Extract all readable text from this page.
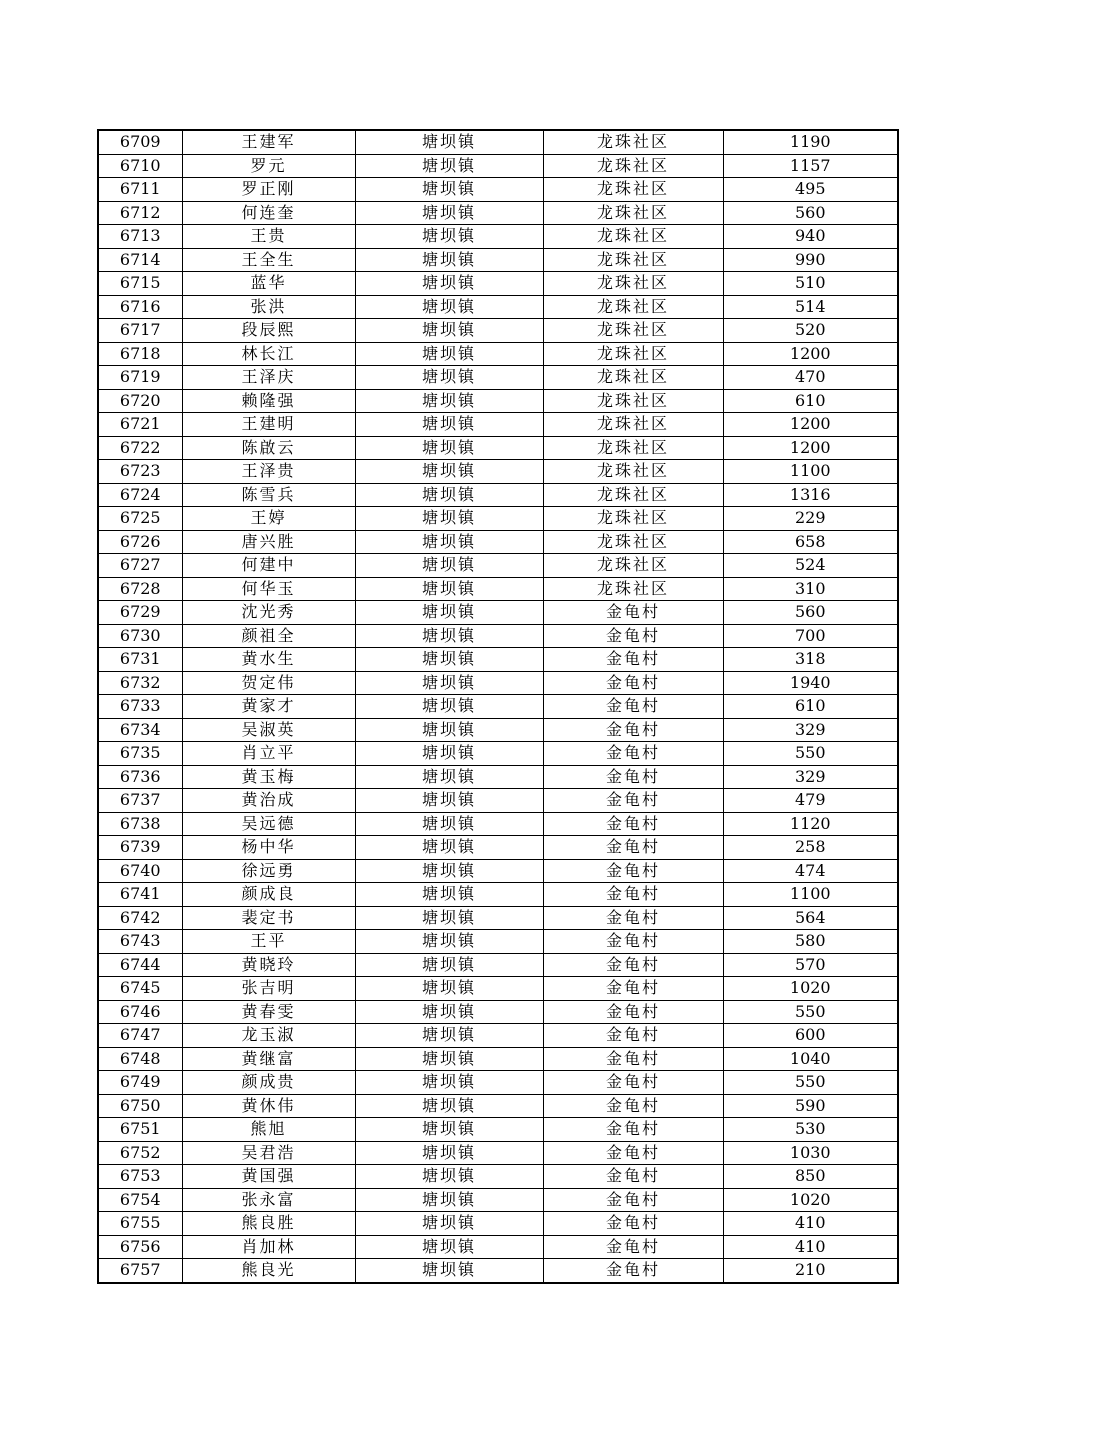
6709	王建军	塘坝镇	龙珠社区	1190
6710	罗元	塘坝镇	龙珠社区	1157
6711	罗正刚	塘坝镇	龙珠社区	495
6712	何连奎	塘坝镇	龙珠社区	560
6713	王贵	塘坝镇	龙珠社区	940
6714	王全生	塘坝镇	龙珠社区	990
6715	蓝华	塘坝镇	龙珠社区	510
6716	张洪	塘坝镇	龙珠社区	514
6717	段辰熙	塘坝镇	龙珠社区	520
6718	林长江	塘坝镇	龙珠社区	1200
6719	王泽庆	塘坝镇	龙珠社区	470
6720	赖隆强	塘坝镇	龙珠社区	610
6721	王建明	塘坝镇	龙珠社区	1200
6722	陈啟云	塘坝镇	龙珠社区	1200
6723	王泽贵	塘坝镇	龙珠社区	1100
6724	陈雪兵	塘坝镇	龙珠社区	1316
6725	王婷	塘坝镇	龙珠社区	229
6726	唐兴胜	塘坝镇	龙珠社区	658
6727	何建中	塘坝镇	龙珠社区	524
6728	何华玉	塘坝镇	龙珠社区	310
6729	沈光秀	塘坝镇	金龟村	560
6730	颜祖全	塘坝镇	金龟村	700
6731	黄水生	塘坝镇	金龟村	318
6732	贺定伟	塘坝镇	金龟村	1940
6733	黄家才	塘坝镇	金龟村	610
6734	吴淑英	塘坝镇	金龟村	329
6735	肖立平	塘坝镇	金龟村	550
6736	黄玉梅	塘坝镇	金龟村	329
6737	黄治成	塘坝镇	金龟村	479
6738	吴远德	塘坝镇	金龟村	1120
6739	杨中华	塘坝镇	金龟村	258
6740	徐远勇	塘坝镇	金龟村	474
6741	颜成良	塘坝镇	金龟村	1100
6742	裴定书	塘坝镇	金龟村	564
6743	王平	塘坝镇	金龟村	580
6744	黄晓玲	塘坝镇	金龟村	570
6745	张吉明	塘坝镇	金龟村	1020
6746	黄春雯	塘坝镇	金龟村	550
6747	龙玉淑	塘坝镇	金龟村	600
6748	黄继富	塘坝镇	金龟村	1040
6749	颜成贵	塘坝镇	金龟村	550
6750	黄休伟	塘坝镇	金龟村	590
6751	熊旭	塘坝镇	金龟村	530
6752	吴君浩	塘坝镇	金龟村	1030
6753	黄国强	塘坝镇	金龟村	850
6754	张永富	塘坝镇	金龟村	1020
6755	熊良胜	塘坝镇	金龟村	410
6756	肖加林	塘坝镇	金龟村	410
6757	熊良光	塘坝镇	金龟村	210
